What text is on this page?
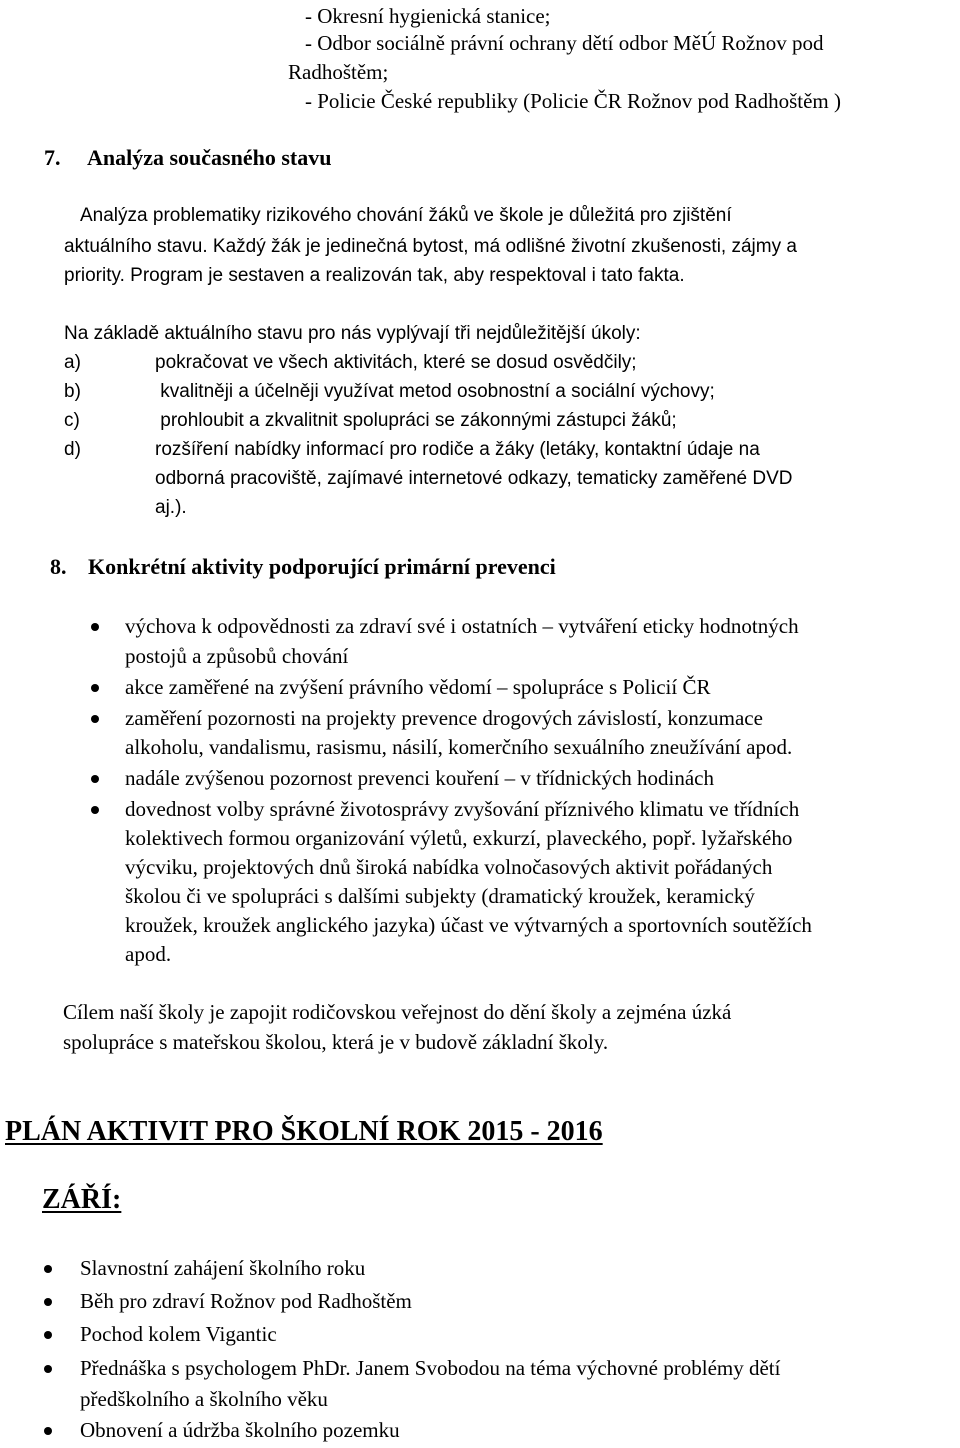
- Okresní hygienická stanice;
- Odbor sociálně právní ochrany dětí odbor MěÚ Rožnov pod
Radhoštěm;
- Policie České republiky (Policie ČR Rožnov pod Radhoštěm )
7. Analýza současného stavu
Analýza problematiky rizikového chování žáků ve škole je důležitá pro zjištění
aktuálního stavu. Každý žák je jedinečná bytost, má odlišné životní zkušenosti, zájmy a
priority. Program je sestaven a realizován tak, aby respektoval i tato fakta.
Na základě aktuálního stavu pro nás vyplývají tři nejdůležitější úkoly:
a)	pokračovat ve všech aktivitách, které se dosud osvědčily;
b)	kvalitněji a účelněji využívat metod osobnostní a sociální výchovy;
c)	prohloubit a zkvalitnit spolupráci se zákonnými zástupci žáků;
d)	rozšíření nabídky informací pro rodiče a žáky (letáky, kontaktní údaje na
odborná pracoviště, zajímavé internetové odkazy, tematicky zaměřené DVD
aj.).
8. Konkrétní aktivity podporující primární prevenci
výchova k odpovědnosti za zdraví své i ostatních – vytváření eticky hodnotných
postojů a způsobů chování
akce zaměřené na zvýšení právního vědomí – spolupráce s Policií ČR
zaměření pozornosti na projekty prevence drogových závislostí, konzumace
alkoholu, vandalismu, rasismu, násilí, komerčního sexuálního zneužívání apod.
nadále zvýšenou pozornost prevenci kouření – v třídnických hodinách
dovednost volby správné životosprávy zvyšování příznivého klimatu ve třídních
kolektivech formou organizování výletů, exkurzí, plaveckého, popř. lyžařského
výcviku, projektových dnů široká nabídka volnočasových aktivit pořádaných
školou či ve spolupráci s dalšími subjekty (dramatický kroužek, keramický
kroužek, kroužek anglického jazyka) účast ve výtvarných a sportovních soutěžích
apod.
Cílem naší školy je zapojit rodičovskou veřejnost do dění školy a zejména úzká
spolupráce s mateřskou školou, která je v budově základní školy.
PLÁN AKTIVIT PRO ŠKOLNÍ ROK 2015 - 2016
ZÁŘÍ:
Slavnostní zahájení školního roku
Běh pro zdraví Rožnov pod Radhoštěm
Pochod kolem Vigantic
Přednáška s psychologem PhDr. Janem Svobodou na téma výchovné problémy dětí
předškolního a školního věku
Obnovení a údržba školního pozemku
